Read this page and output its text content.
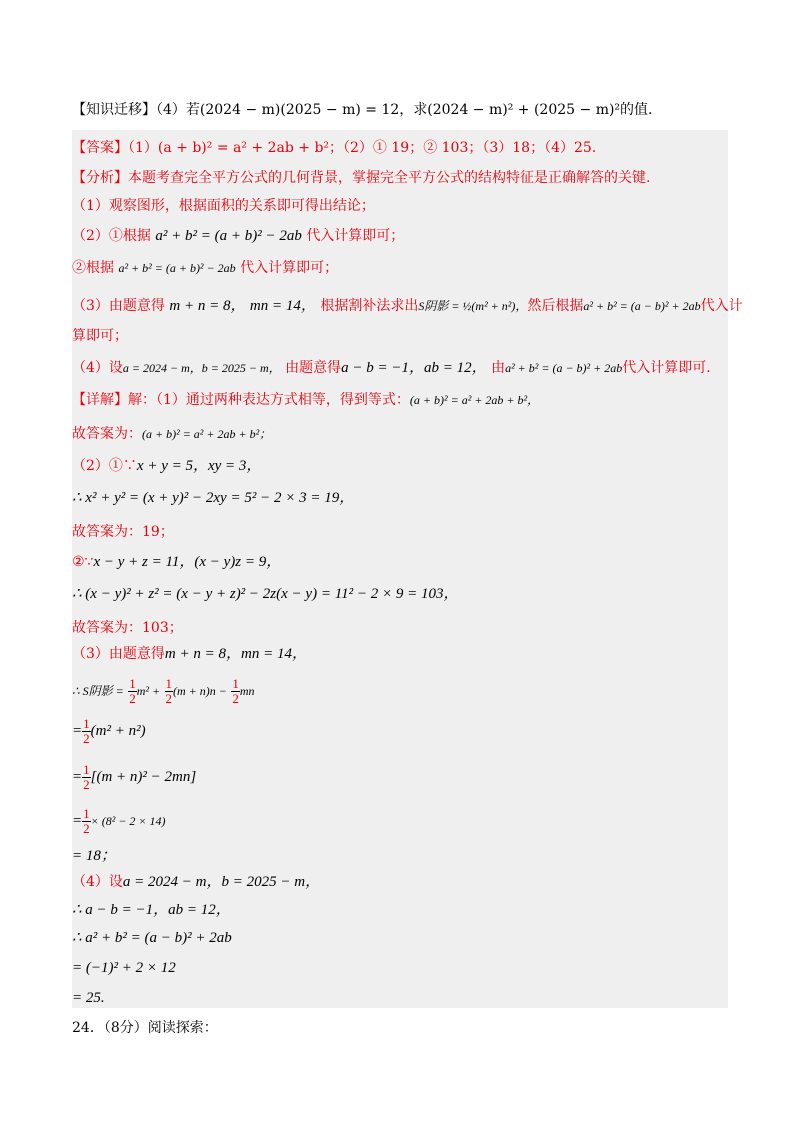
【知识迁移】（4）若(2024 − m)(2025 − m) = 12，求(2024 − m)² + (2025 − m)²的值.
【答案】（1）(a + b)² = a² + 2ab + b²；（2）① 19；② 103；（3）18；（4）25.
【分析】本题考查完全平方公式的几何背景，掌握完全平方公式的结构特征是正确解答的关键.
（1）观察图形，根据面积的关系即可得出结论；
（2）①根据 a² + b² = (a + b)² − 2ab 代入计算即可；
②根据 a² + b² = (a + b)² − 2ab 代入计算即可；
（3）由题意得 m + n = 8， mn = 14， 根据割补法求出S阴影 = ½(m² + n²)，然后根据a² + b² = (a − b)² + 2ab代入计
算即可；
（4）设a = 2024 − m，b = 2025 − m， 由题意得a − b = −1，ab = 12， 由a² + b² = (a − b)² + 2ab代入计算即可.
【详解】解：（1）通过两种表达方式相等，得到等式：(a + b)² = a² + 2ab + b²，
故答案为：(a + b)² = a² + 2ab + b²；
（2）①∵x + y = 5，xy = 3，
∴ x² + y² = (x + y)² − 2xy = 5² − 2 × 3 = 19，
故答案为：19；
②∵x − y + z = 11，(x − y)z = 9，
∴ (x − y)² + z² = (x − y + z)² − 2z(x − y) = 11² − 2 × 9 = 103，
故答案为：103；
（3）由题意得m + n = 8，mn = 14，
∴ S阴影 = $\frac{1}{2} m^2 + \frac{1}{2} (m + n)n - \frac{1}{2}$ mn
= $\frac{1}{2} (m^2 + n^2)$
= $\frac{1}{2} [(m + n)^2 - 2mn]$
= $\frac{1}{2} \times (8^2 - 2 \times 14)$
= 18；
（4）设a = 2024 − m，b = 2025 − m，
∴ a − b = −1，ab = 12，
∴ a² + b² = (a − b)² + 2ab
= (−1)² + 2 × 12
= 25.
24．（8分）阅读探索：
